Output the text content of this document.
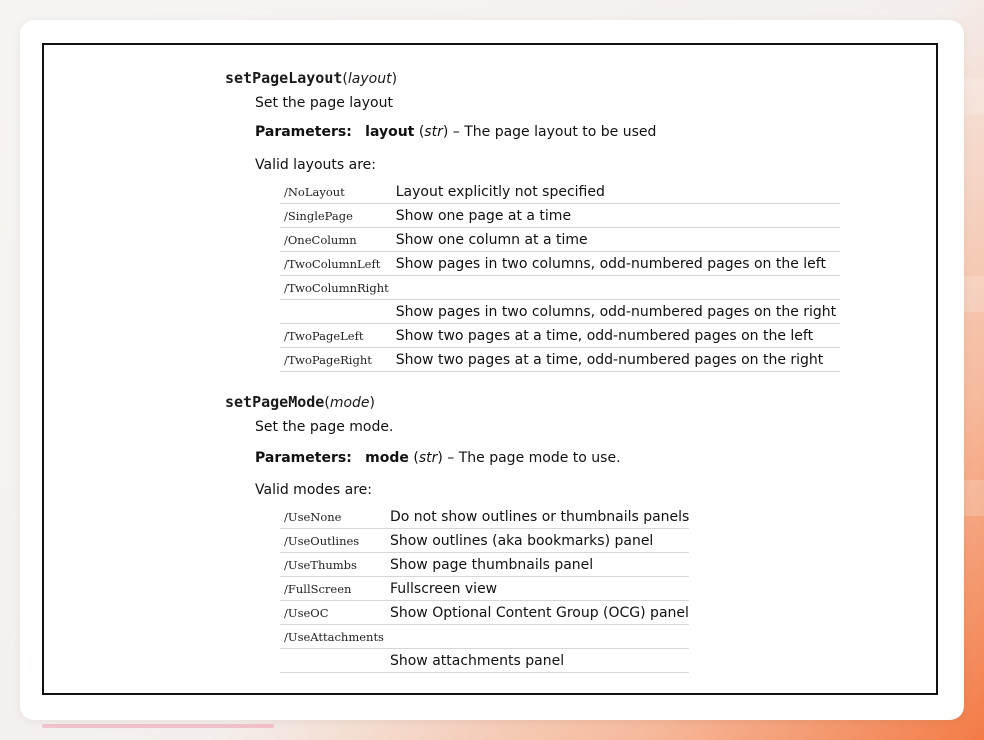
setPageLayout(layout)
Set the page layout
Parameters: layout (str) – The page layout to be used
Valid layouts are:
/NoLayout	Layout explicitly not specified
/SinglePage	Show one page at a time
/OneColumn	Show one column at a time
/TwoColumnLeft	Show pages in two columns, odd-numbered pages on the left
/TwoColumnRight	
	Show pages in two columns, odd-numbered pages on the right
/TwoPageLeft	Show two pages at a time, odd-numbered pages on the left
/TwoPageRight	Show two pages at a time, odd-numbered pages on the right
setPageMode(mode)
Set the page mode.
Parameters: mode (str) – The page mode to use.
Valid modes are:
/UseNone	Do not show outlines or thumbnails panels
/UseOutlines	Show outlines (aka bookmarks) panel
/UseThumbs	Show page thumbnails panel
/FullScreen	Fullscreen view
/UseOC	Show Optional Content Group (OCG) panel
/UseAttachments	
	Show attachments panel
